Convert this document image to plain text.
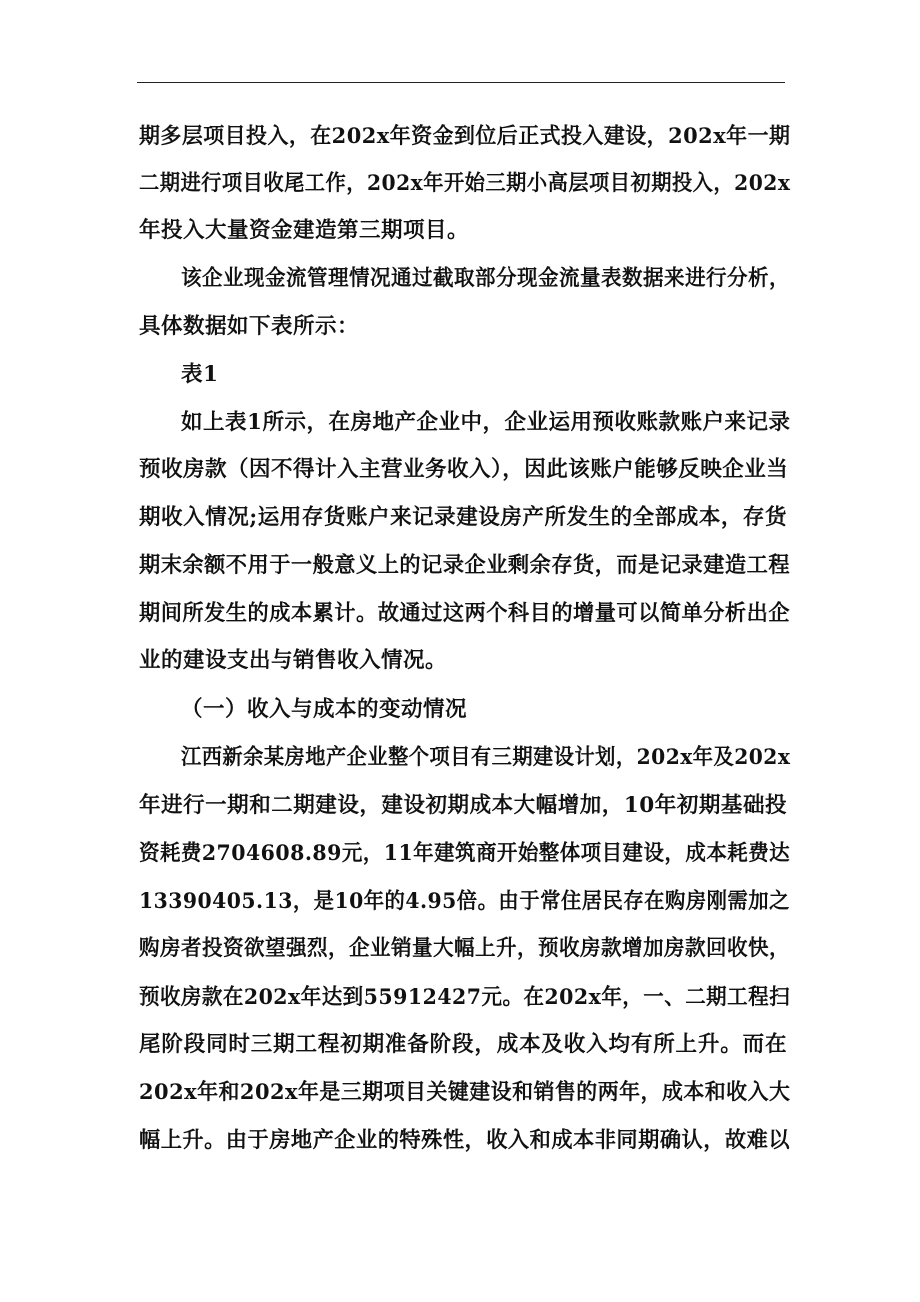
期多层项目投入，在202x年资金到位后正式投入建设，202x年一期
二期进行项目收尾工作，202x年开始三期小高层项目初期投入，202x
年投入大量资金建造第三期项目。
该企业现金流管理情况通过截取部分现金流量表数据来进行分析，
具体数据如下表所示：
表1
如上表1所示，在房地产企业中，企业运用预收账款账户来记录
预收房款（因不得计入主营业务收入），因此该账户能够反映企业当
期收入情况;运用存货账户来记录建设房产所发生的全部成本，存货
期末余额不用于一般意义上的记录企业剩余存货，而是记录建造工程
期间所发生的成本累计。故通过这两个科目的增量可以简单分析出企
业的建设支出与销售收入情况。
（一）收入与成本的变动情况
江西新余某房地产企业整个项目有三期建设计划，202x年及202x
年进行一期和二期建设，建设初期成本大幅增加，10年初期基础投
资耗费2704608.89元，11年建筑商开始整体项目建设，成本耗费达
13390405.13，是10年的4.95倍。由于常住居民存在购房刚需加之
购房者投资欲望强烈，企业销量大幅上升，预收房款增加房款回收快，
预收房款在202x年达到55912427元。在202x年，一、二期工程扫
尾阶段同时三期工程初期准备阶段，成本及收入均有所上升。而在
202x年和202x年是三期项目关键建设和销售的两年，成本和收入大
幅上升。由于房地产企业的特殊性，收入和成本非同期确认，故难以
